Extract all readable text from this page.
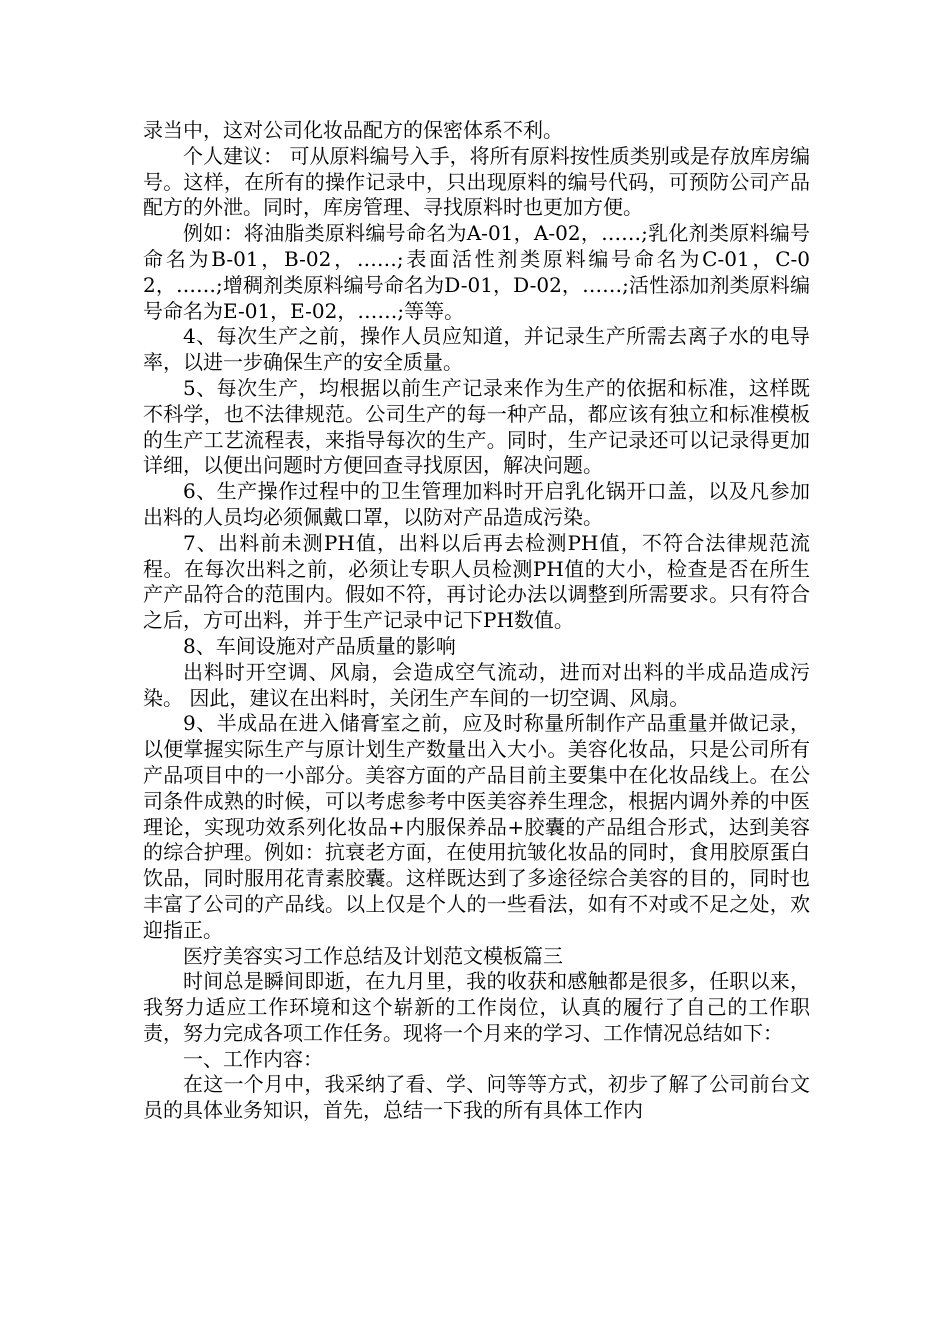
录当中，这对公司化妆品配方的保密体系不利。

个人建议： 可从原料编号入手，将所有原料按性质类别或是存放库房编号。这样，在所有的操作记录中，只出现原料的编号代码，可预防公司产品配方的外泄。同时，库房管理、寻找原料时也更加方便。

例如：将油脂类原料编号命名为A-01，A-02，……;乳化剂类原料编号命名为B-01，B-02，……;表面活性剂类原料编号命名为C-01，C-02，……;增稠剂类原料编号命名为D-01，D-02，……;活性添加剂类原料编号命名为E-01，E-02，……;等等。

4、每次生产之前，操作人员应知道，并记录生产所需去离子水的电导率，以进一步确保生产的安全质量。

5、每次生产，均根据以前生产记录来作为生产的依据和标准，这样既不科学，也不法律规范。公司生产的每一种产品，都应该有独立和标准模板的生产工艺流程表，来指导每次的生产。同时，生产记录还可以记录得更加详细，以便出问题时方便回查寻找原因，解决问题。

6、生产操作过程中的卫生管理加料时开启乳化锅开口盖，以及凡参加出料的人员均必须佩戴口罩，以防对产品造成污染。

7、出料前未测PH值，出料以后再去检测PH值，不符合法律规范流程。在每次出料之前，必须让专职人员检测PH值的大小，检查是否在所生产产品符合的范围内。假如不符，再讨论办法以调整到所需要求。只有符合之后，方可出料，并于生产记录中记下PH数值。

8、车间设施对产品质量的影响

出料时开空调、风扇，会造成空气流动，进而对出料的半成品造成污染。 因此，建议在出料时，关闭生产车间的一切空调、风扇。

9、半成品在进入储膏室之前，应及时称量所制作产品重量并做记录，以便掌握实际生产与原计划生产数量出入大小。美容化妆品，只是公司所有产品项目中的一小部分。美容方面的产品目前主要集中在化妆品线上。在公司条件成熟的时候，可以考虑参考中医美容养生理念，根据内调外养的中医理论，实现功效系列化妆品+内服保养品+胶囊的产品组合形式，达到美容的综合护理。例如：抗衰老方面，在使用抗皱化妆品的同时，食用胶原蛋白饮品，同时服用花青素胶囊。这样既达到了多途径综合美容的目的，同时也丰富了公司的产品线。以上仅是个人的一些看法，如有不对或不足之处，欢迎指正。

医疗美容实习工作总结及计划范文模板篇三

时间总是瞬间即逝，在九月里，我的收获和感触都是很多，任职以来，我努力适应工作环境和这个崭新的工作岗位，认真的履行了自己的工作职责，努力完成各项工作任务。现将一个月来的学习、工作情况总结如下：

一、工作内容：

在这一个月中，我采纳了看、学、问等等方式，初步了解了公司前台文员的具体业务知识，首先，总结一下我的所有具体工作内
